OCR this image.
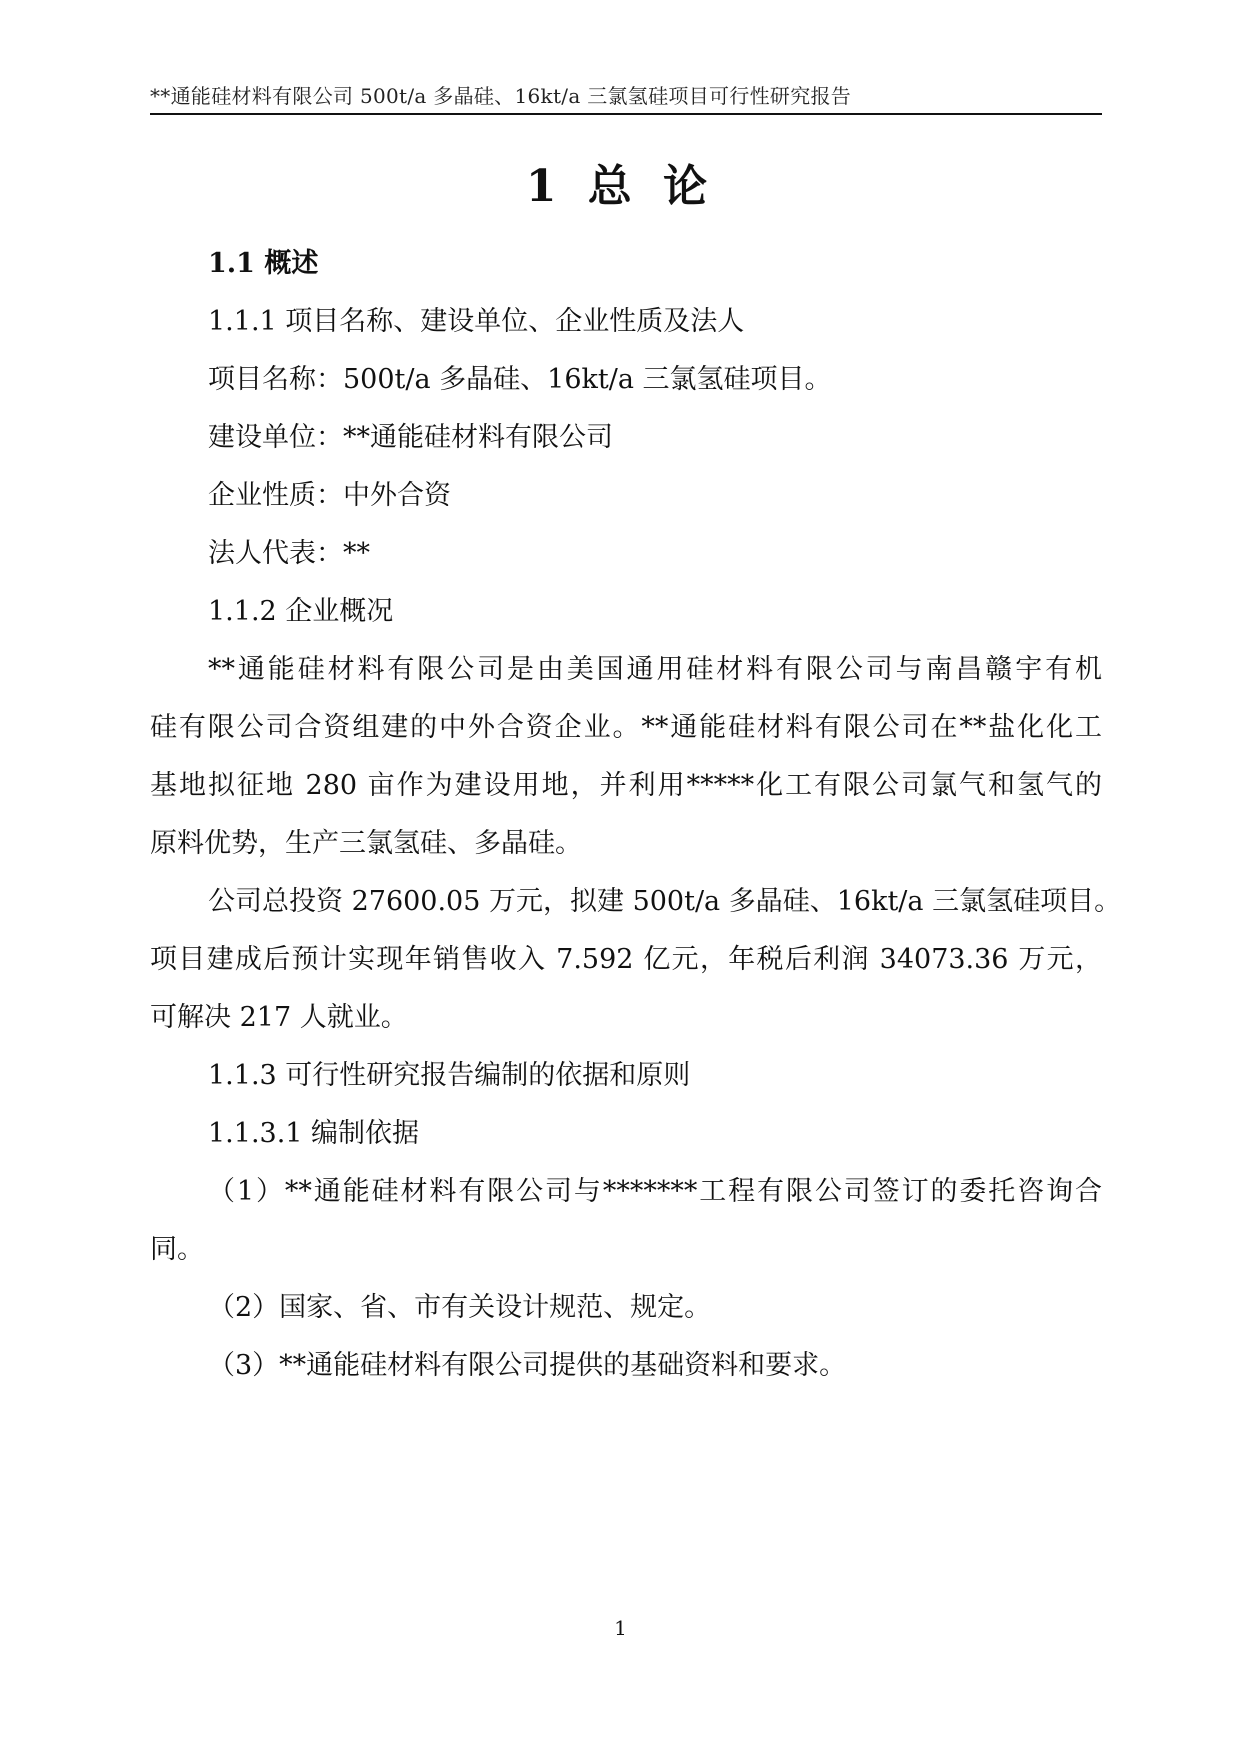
**通能硅材料有限公司 500t/a 多晶硅、16kt/a 三氯氢硅项目可行性研究报告
1 总 论
1.1 概述
1.1.1 项目名称、建设单位、企业性质及法人
项目名称：500t/a 多晶硅、16kt/a 三氯氢硅项目。
建设单位：**通能硅材料有限公司
企业性质：中外合资
法人代表：**
1.1.2 企业概况
**通能硅材料有限公司是由美国通用硅材料有限公司与南昌赣宇有机
硅有限公司合资组建的中外合资企业。**通能硅材料有限公司在**盐化化工
基地拟征地 280 亩作为建设用地，并利用*****化工有限公司氯气和氢气的
原料优势，生产三氯氢硅、多晶硅。
公司总投资 27600.05 万元，拟建 500t/a 多晶硅、16kt/a 三氯氢硅项目。
项目建成后预计实现年销售收入 7.592 亿元，年税后利润 34073.36 万元，
可解决 217 人就业。
1.1.3 可行性研究报告编制的依据和原则
1.1.3.1 编制依据
（1）**通能硅材料有限公司与*******工程有限公司签订的委托咨询合
同。
（2）国家、省、市有关设计规范、规定。
（3）**通能硅材料有限公司提供的基础资料和要求。
1
